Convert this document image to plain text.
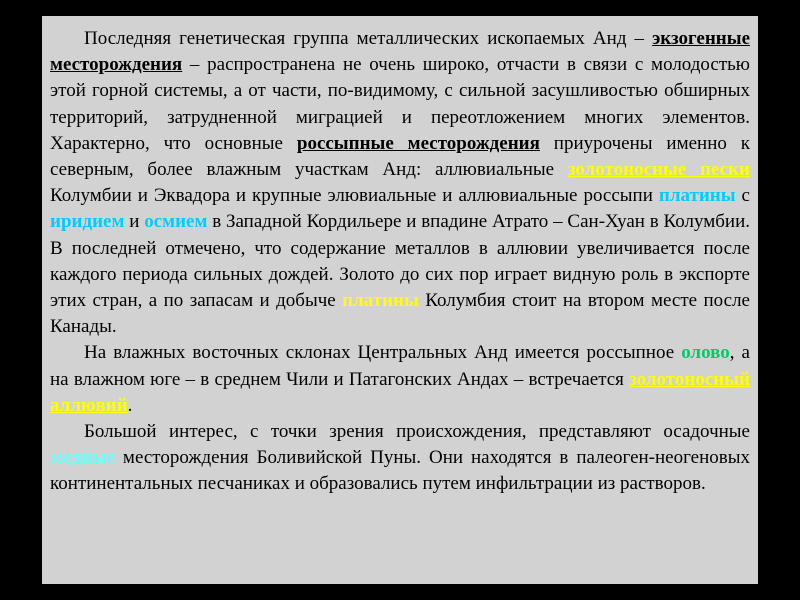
Последняя генетическая группа металлических ископаемых Анд – экзогенные месторождения – распространена не очень широко, отчасти в связи с молодостью этой горной системы, а от части, по-видимому, с сильной засушливостью обширных территорий, затрудненной миграцией и переотложением многих элементов. Характерно, что основные россыпные месторождения приурочены именно к северным, более влажным участкам Анд: аллювиальные золотоносные пески Колумбии и Эквадора и крупные элювиальные и аллювиальные россыпи платины с иридием и осмием в Западной Кордильере и впадине Атрато – Сан-Хуан в Колумбии. В последней отмечено, что содержание металлов в аллювии увеличивается после каждого периода сильных дождей. Золото до сих пор играет видную роль в экспорте этих стран, а по запасам и добыче платины Колумбия стоит на втором месте после Канады.

На влажных восточных склонах Центральных Анд имеется россыпное олово, а на влажном юге – в среднем Чили и Патагонских Андах – встречается золотоносный аллювий.

Большой интерес, с точки зрения происхождения, представляют осадочные медные месторождения Боливийской Пуны. Они находятся в палеоген-неогеновых континентальных песчаниках и образовались путем инфильтрации из растворов.
